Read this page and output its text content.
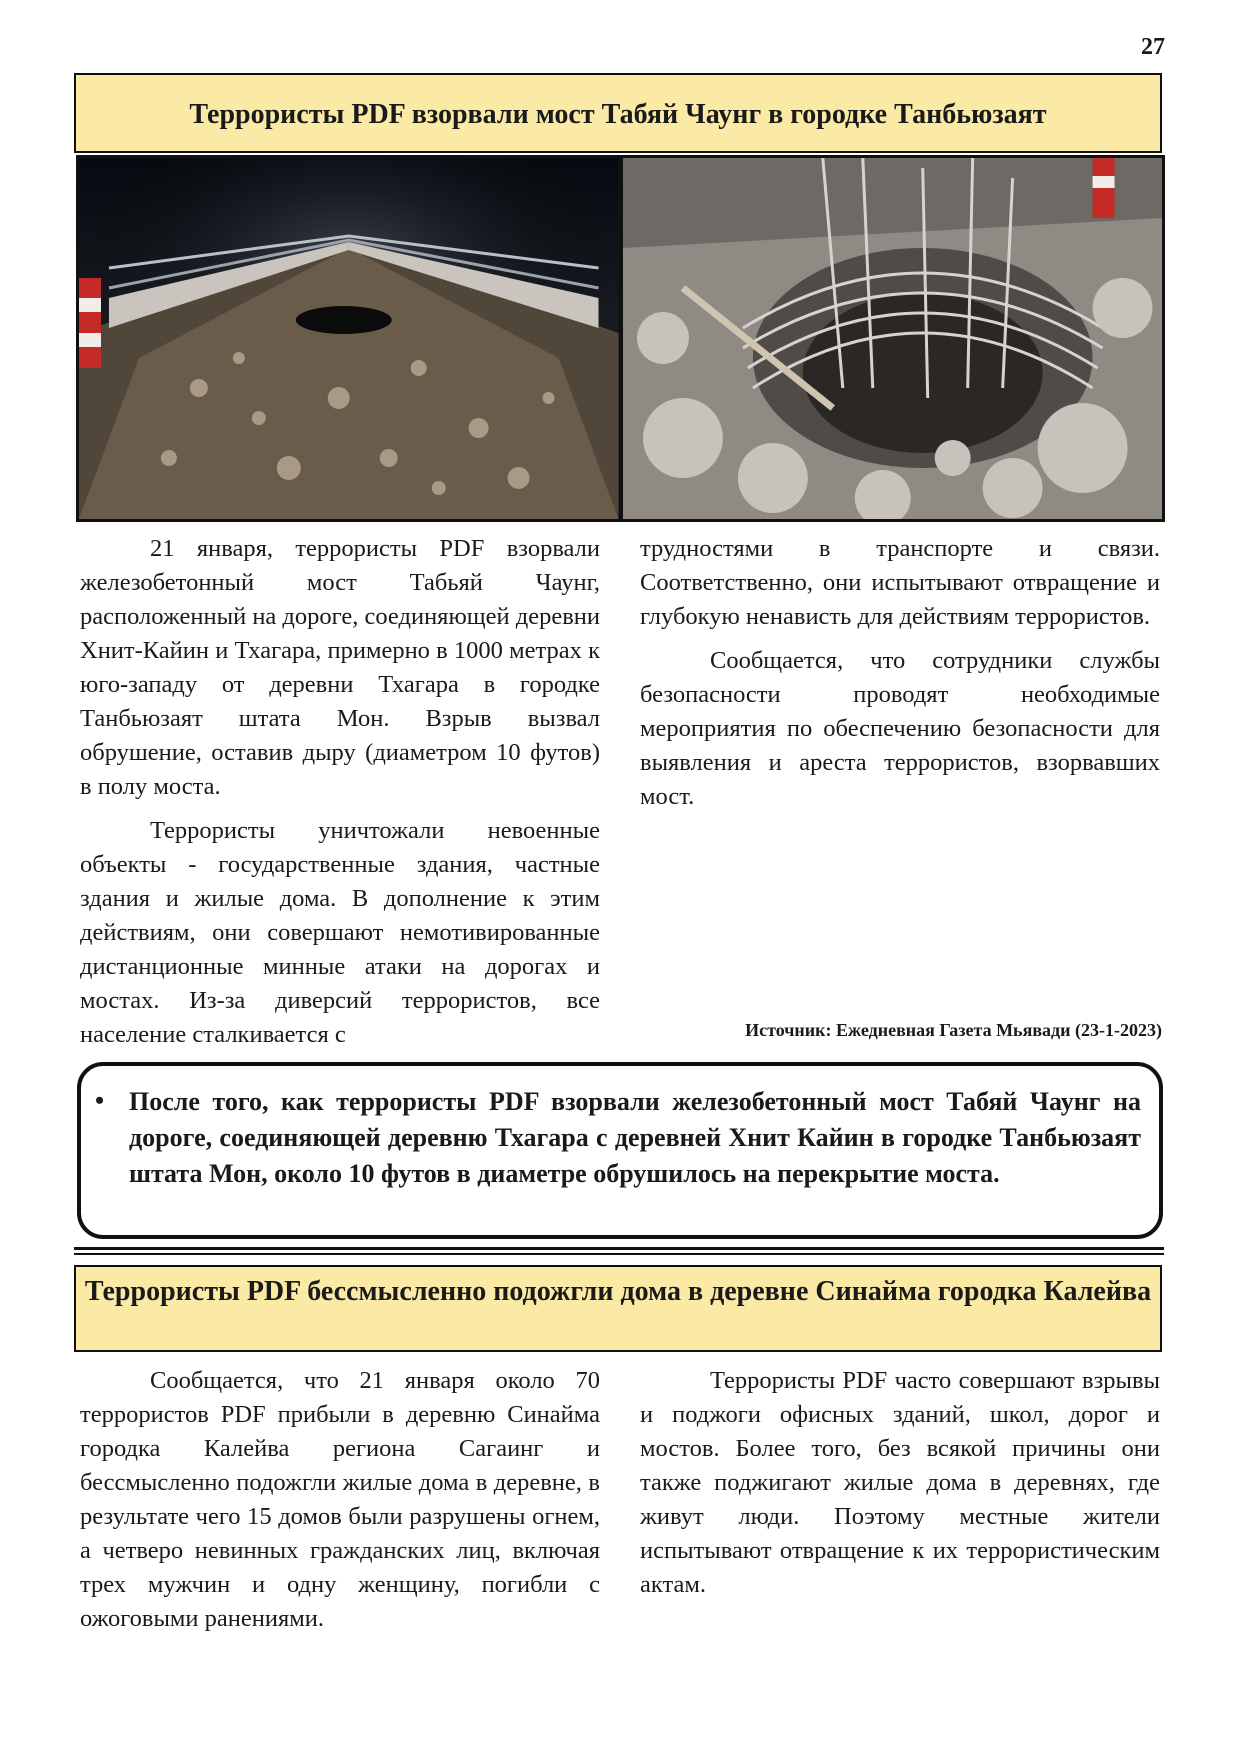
27
Террористы PDF взорвали мост Табяй Чаунг в городке Танбьюзаят

21 января, террористы PDF взорвали железобетонный мост Табьяй Чаунг, расположенный на дороге, соединяющей деревни Хнит-Кайин и Тхагара, примерно в 1000 метрах к юго-западу от деревни Тхагара в городке Танбьюзаят штата Мон. Взрыв вызвал обрушение, оставив дыру (диаметром 10 футов) в полу моста.

Террористы уничтожали невоенные объекты - государственные здания, частные здания и жилые дома. В дополнение к этим действиям, они совершают немотивированные дистанционные минные атаки на дорогах и мостах. Из-за диверсий террористов, все население сталкивается с

трудностями в транспорте и связи. Соответственно, они испытывают отвращение и глубокую ненависть для действиям террористов.

Сообщается, что сотрудники службы безопасности проводят необходимые мероприятия по обеспечению безопасности для выявления и ареста террористов, взорвавших мост.

Источник: Ежедневная Газета Мьявади (23-1-2023)
• После того, как террористы PDF взорвали железобетонный мост Табяй Чаунг на дороге, соединяющей деревню Тхагара с деревней Хнит Кайин в городке Танбьюзаят штата Мон, около 10 футов в диаметре обрушилось на перекрытие моста.
Террористы PDF бессмысленно подожгли дома в деревне Синайма городка Калейва

Сообщается, что 21 января около 70 террористов PDF прибыли в деревню Синайма городка Калейва региона Сагаинг и бессмысленно подожгли жилые дома в деревне, в результате чего 15 домов были разрушены огнем, а четверо невинных гражданских лиц, включая трех мужчин и одну женщину, погибли с ожоговыми ранениями.

Террористы PDF часто совершают взрывы и поджоги офисных зданий, школ, дорог и мостов. Более того, без всякой причины они также поджигают жилые дома в деревнях, где живут люди. Поэтому местные жители испытывают отвращение к их террористическим актам.
